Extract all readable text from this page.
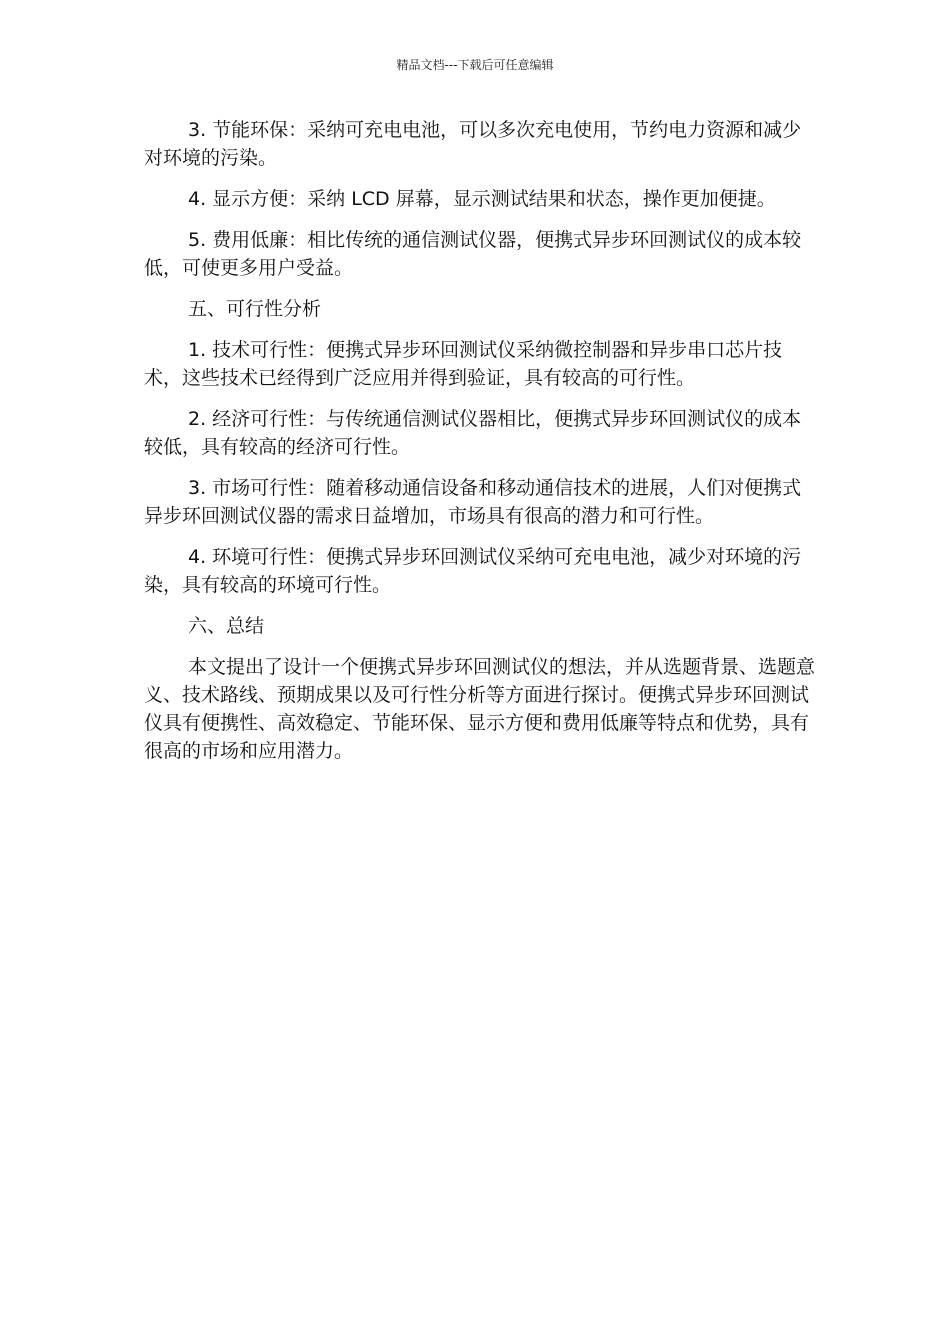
精品文档---下载后可任意编辑

3. 节能环保：采纳可充电电池，可以多次充电使用，节约电力资源和减少对环境的污染。

4. 显示方便：采纳 LCD 屏幕，显示测试结果和状态，操作更加便捷。

5. 费用低廉：相比传统的通信测试仪器，便携式异步环回测试仪的成本较低，可使更多用户受益。

五、可行性分析

1. 技术可行性：便携式异步环回测试仪采纳微控制器和异步串口芯片技术，这些技术已经得到广泛应用并得到验证，具有较高的可行性。

2. 经济可行性：与传统通信测试仪器相比，便携式异步环回测试仪的成本较低，具有较高的经济可行性。

3. 市场可行性：随着移动通信设备和移动通信技术的进展，人们对便携式异步环回测试仪器的需求日益增加，市场具有很高的潜力和可行性。

4. 环境可行性：便携式异步环回测试仪采纳可充电电池，减少对环境的污染，具有较高的环境可行性。

六、总结

本文提出了设计一个便携式异步环回测试仪的想法，并从选题背景、选题意义、技术路线、预期成果以及可行性分析等方面进行探讨。便携式异步环回测试仪具有便携性、高效稳定、节能环保、显示方便和费用低廉等特点和优势，具有很高的市场和应用潜力。
